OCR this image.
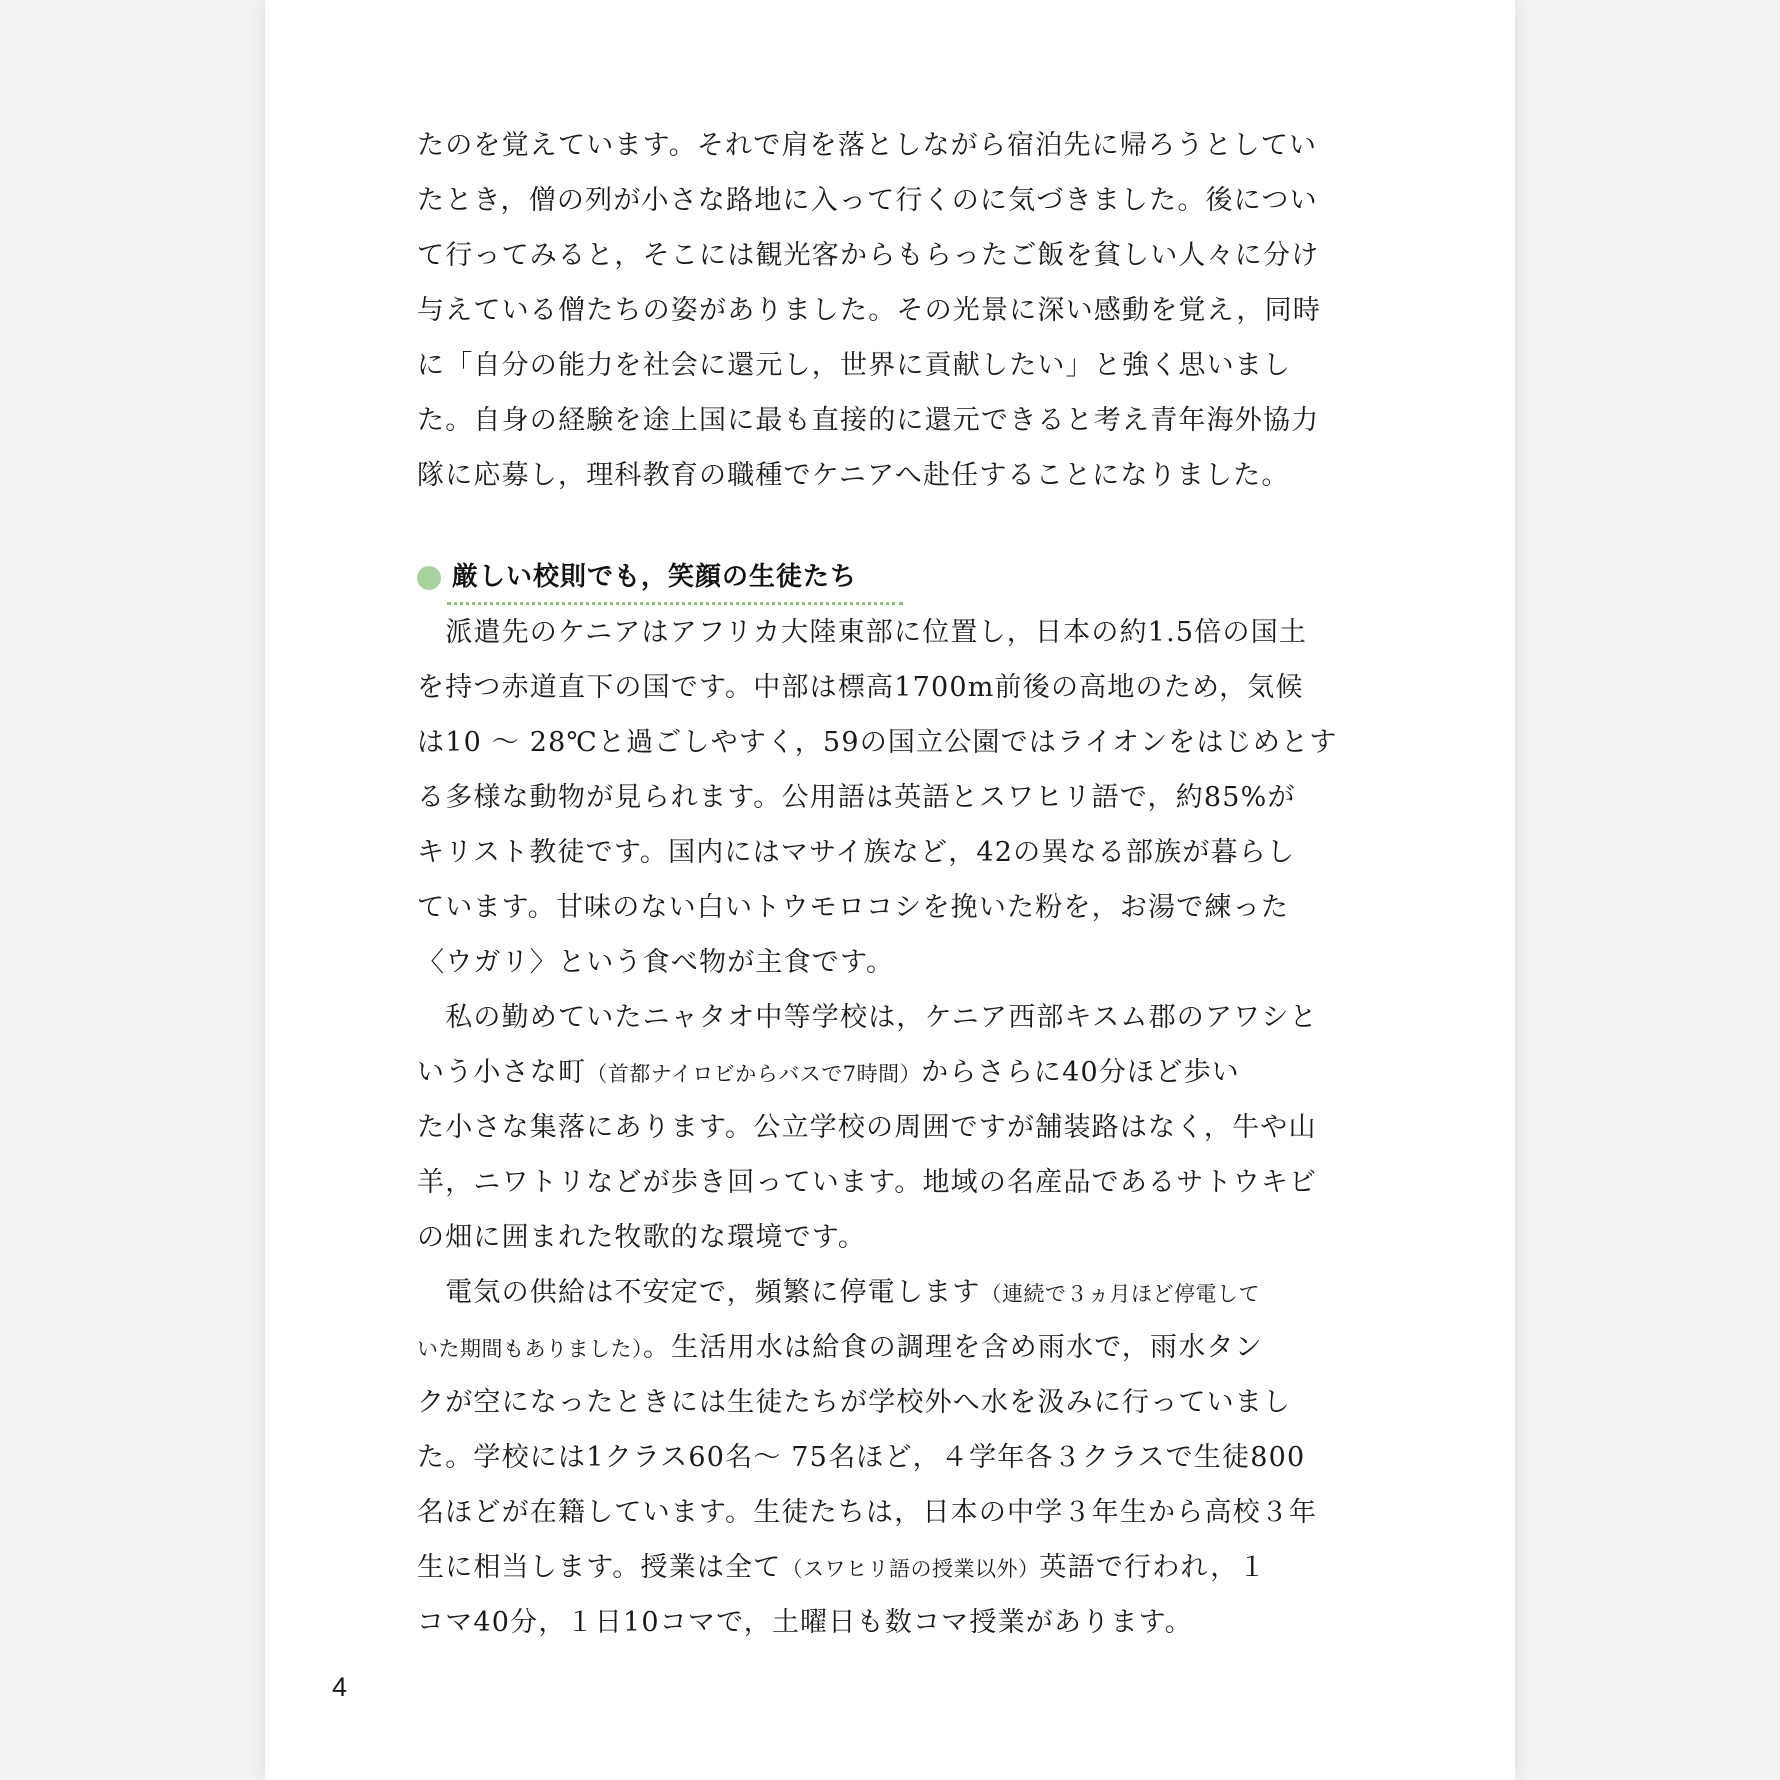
たのを覚えています。それで肩を落としながら宿泊先に帰ろうとしてい
たとき，僧の列が小さな路地に入って行くのに気づきました。後につい
て行ってみると，そこには観光客からもらったご飯を貧しい人々に分け
与えている僧たちの姿がありました。その光景に深い感動を覚え，同時
に「自分の能力を社会に還元し，世界に貢献したい」と強く思いまし
た。自身の経験を途上国に最も直接的に還元できると考え青年海外協力
隊に応募し，理科教育の職種でケニアへ赴任することになりました。
厳しい校則でも，笑顔の生徒たち
　派遣先のケニアはアフリカ大陸東部に位置し，日本の約1.5倍の国土
を持つ赤道直下の国です。中部は標高1700m前後の高地のため，気候
は10 ～ 28℃と過ごしやすく，59の国立公園ではライオンをはじめとす
る多様な動物が見られます。公用語は英語とスワヒリ語で，約85%が
キリスト教徒です。国内にはマサイ族など，42の異なる部族が暮らし
ています。甘味のない白いトウモロコシを挽いた粉を，お湯で練った
〈ウガリ〉という食べ物が主食です。
　私の勤めていたニャタオ中等学校は，ケニア西部キスム郡のアワシと
いう小さな町（首都ナイロビからバスで7時間）からさらに40分ほど歩い
た小さな集落にあります。公立学校の周囲ですが舗装路はなく，牛や山
羊，ニワトリなどが歩き回っています。地域の名産品であるサトウキビ
の畑に囲まれた牧歌的な環境です。
　電気の供給は不安定で，頻繁に停電します（連続で３ヵ月ほど停電して
いた期間もありました）。生活用水は給食の調理を含め雨水で，雨水タン
クが空になったときには生徒たちが学校外へ水を汲みに行っていまし
た。学校には1クラス60名～ 75名ほど，４学年各３クラスで生徒800
名ほどが在籍しています。生徒たちは，日本の中学３年生から高校３年
生に相当します。授業は全て（スワヒリ語の授業以外）英語で行われ，１
コマ40分，１日10コマで，土曜日も数コマ授業があります。
4
